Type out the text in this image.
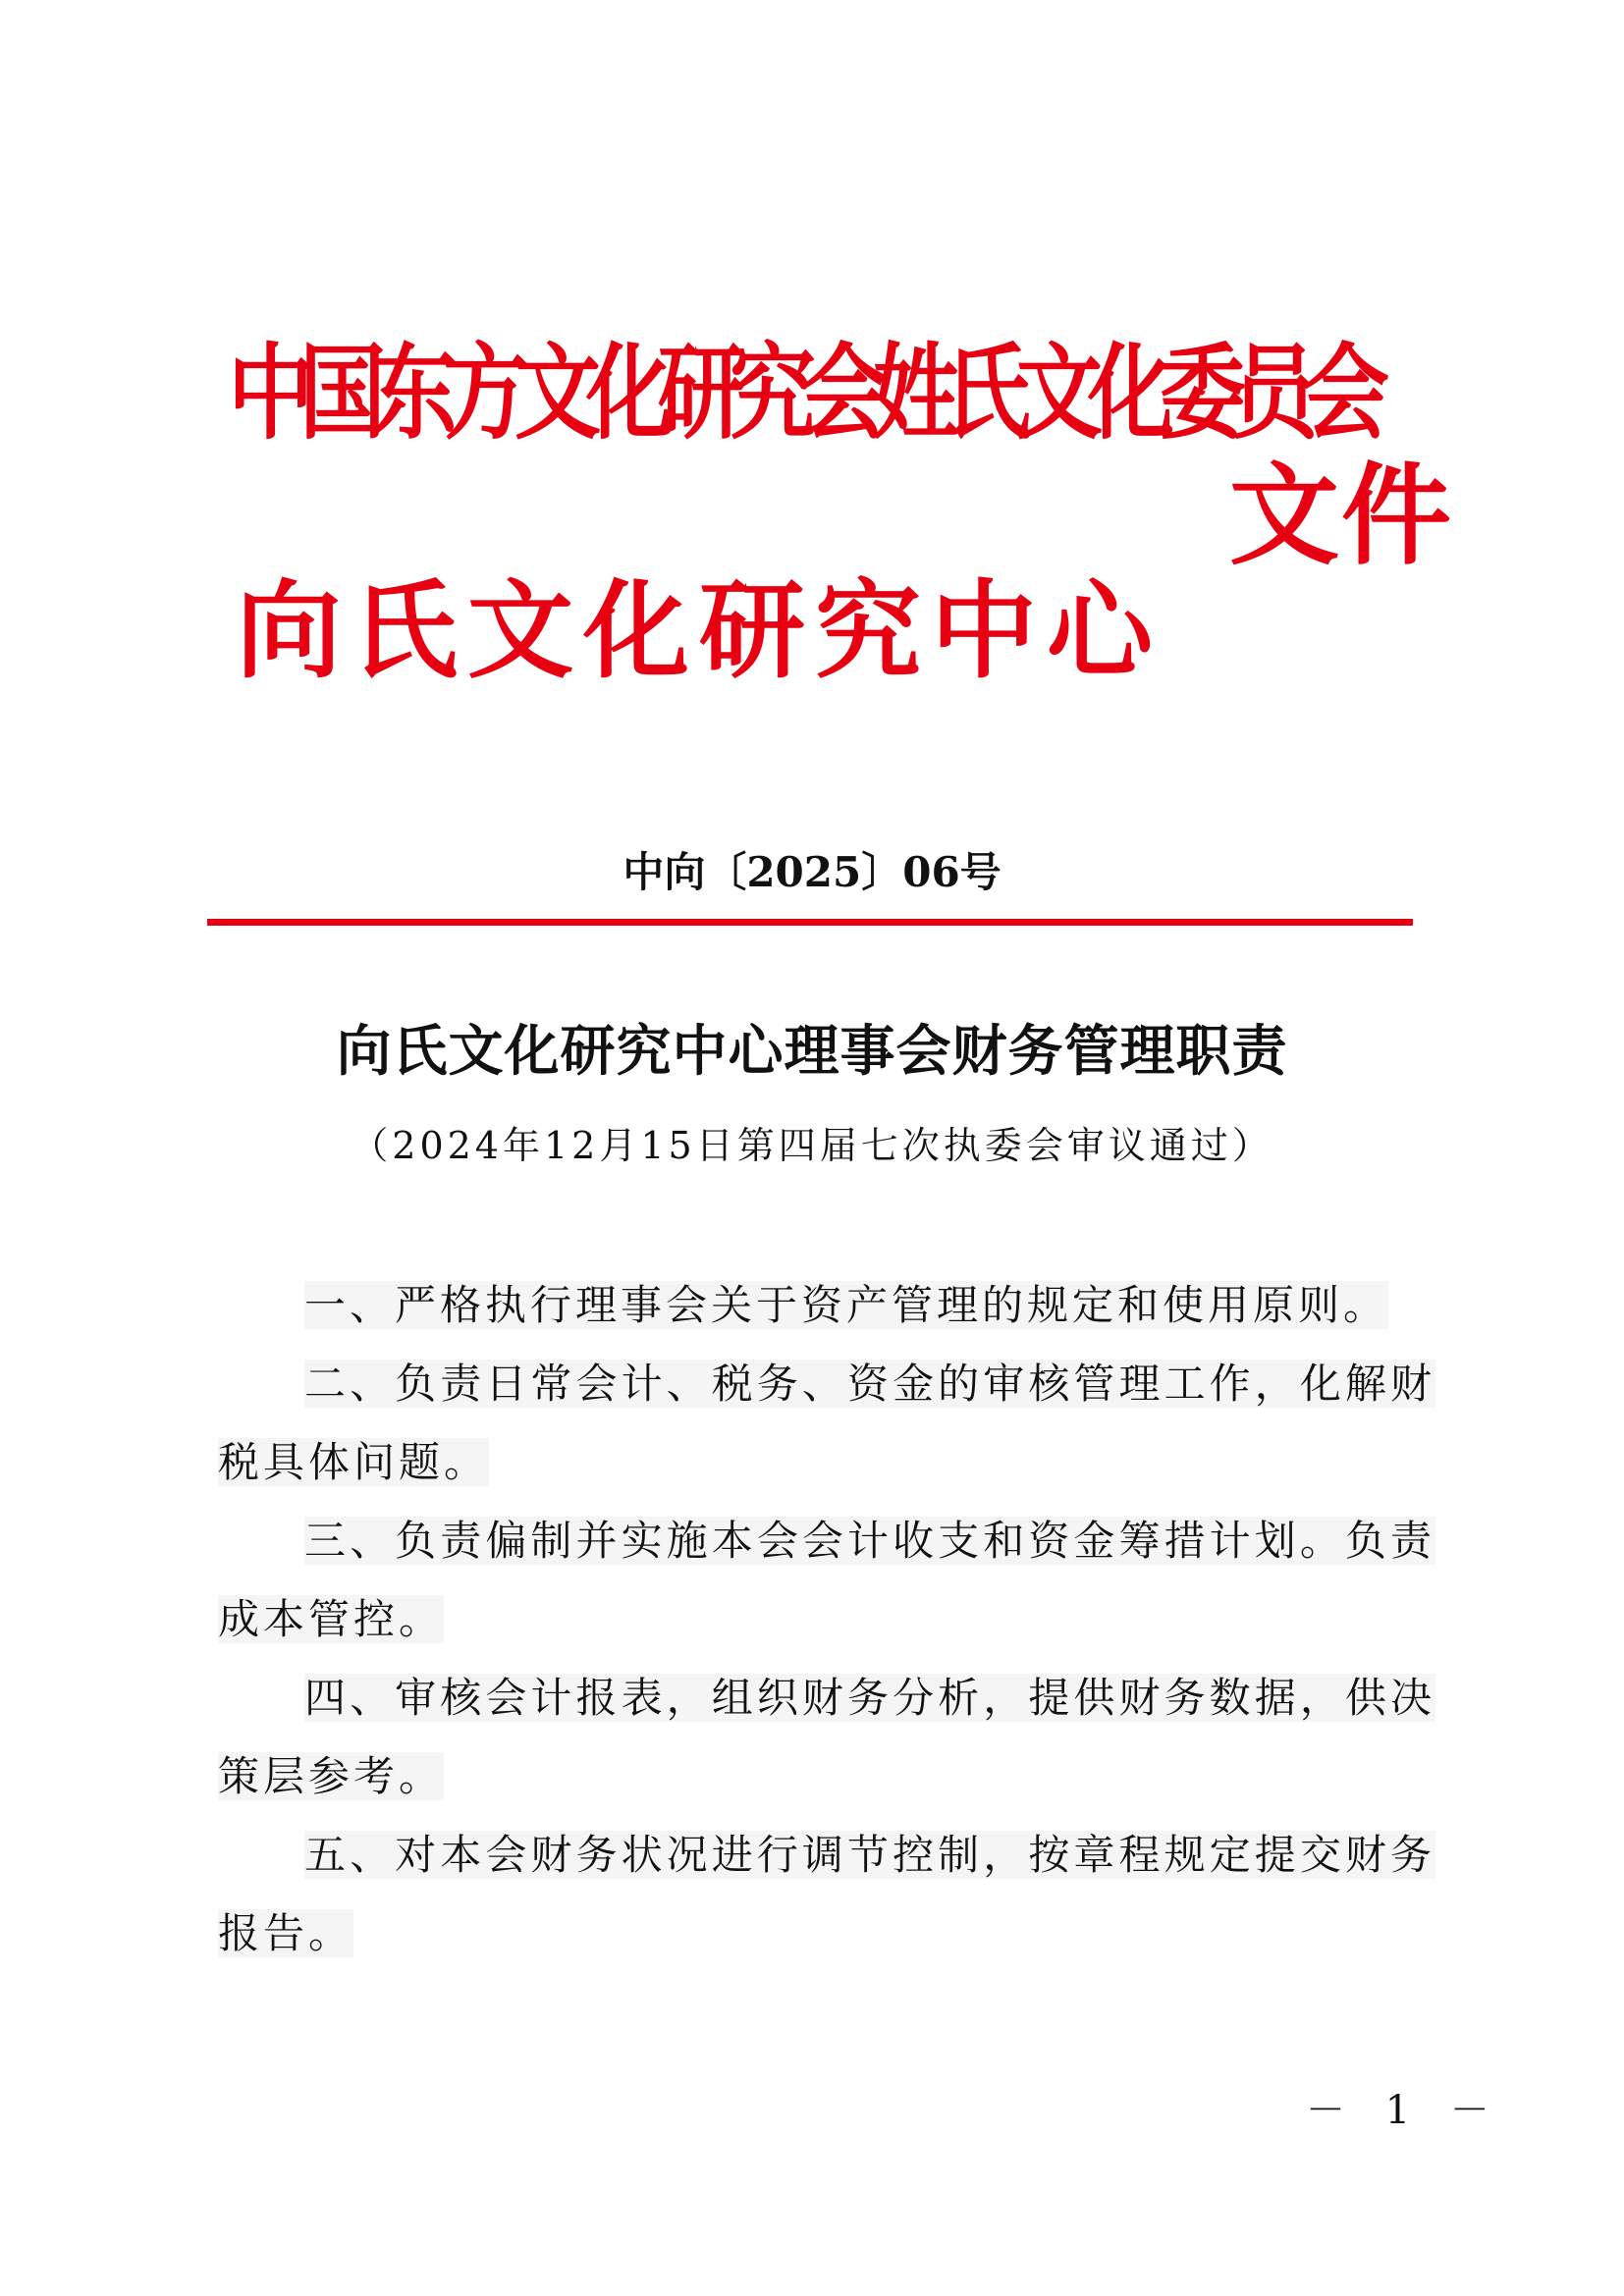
中国东方文化研究会姓氏文化委员会
文件
向氏文化研究中心
中向〔2025〕06号
向氏文化研究中心理事会财务管理职责
（2024年12月15日第四届七次执委会审议通过）

一、严格执行理事会关于资产管理的规定和使用原则。

二、负责日常会计、税务、资金的审核管理工作，化解财税具体问题。

三、负责偏制并实施本会会计收支和资金筹措计划。负责成本管控。

四、审核会计报表，组织财务分析，提供财务数据，供决策层参考。

五、对本会财务状况进行调节控制，按章程规定提交财务报告。

－ 1 －
